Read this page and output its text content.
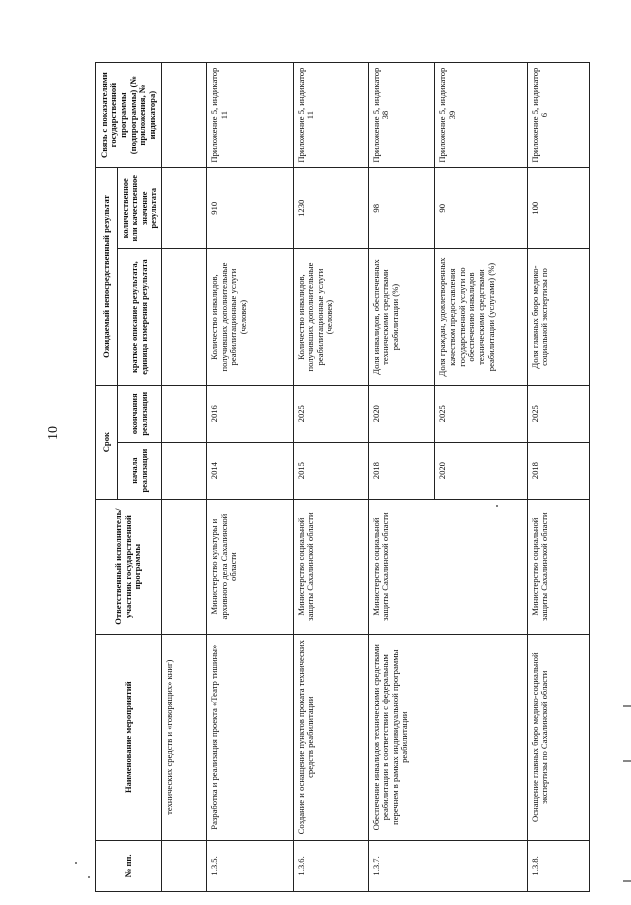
10
№ пп.	Наименование мероприятий	Ответственный исполнитель/участник государственной программы	Срок		Ожидаемый непосредственный результат		Связь с показателями государственной программы (подпрограммы) (№ приложения, № индикатора)
			начала реализации	окончания реализации	краткое описание результата, единица измерения результата	количественное или качественное значение результата	
	технических средств и «говорящих» книг)						
1.3.5.	Разработка и реализация проекта «Театр тишины»	Министерство культуры и архивного дела Сахалинской области	2014	2016	Количество инвалидов, получивших дополнительные реабилитационные услуги (человек)	910	Приложение 5, индикатор 11
1.3.6.	Создание и оснащение пунктов проката технических средств реабилитации	Министерство социальной защиты Сахалинской области	2015	2025	Количество инвалидов, получивших дополнительные реабилитационные услуги (человек)	1230	Приложение 5, индикатор 11
1.3.7.	Обеспечение инвалидов техническими средствами реабилитации в соответствии с федеральным перечнем в рамках индивидуальной программы реабилитации	Министерство социальной защиты Сахалинской области	2018	2020	Доля инвалидов, обеспеченных техническими средствами реабилитации (%)	98	Приложение 5, индикатор 38
			2020	2025	Доля граждан, удовлетворенных качеством предоставления государственной услуги по обеспечению инвалидов техническими средствами реабилитации (услугами) (%)	90	Приложение 5, индикатор 39
1.3.8.	Оснащение главных бюро медико-социальной экспертизы по Сахалинской области	Министерство социальной защиты Сахалинской области	2018	2025	Доля главных бюро медико-социальной экспертизы по	100	Приложение 5, индикатор 6
